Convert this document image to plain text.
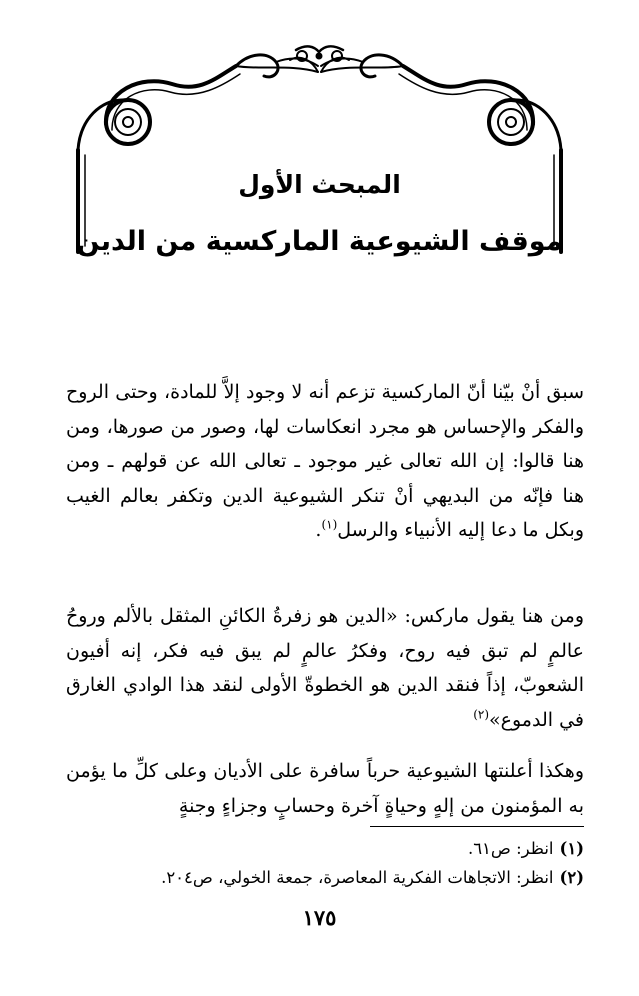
المبحث الأول
موقف الشيوعية الماركسية من الدين

سبق أنْ بيّنا أنّ الماركسية تزعم أنه لا وجود إلاَّ للمادة، وحتى الروح والفكر والإحساس هو مجرد انعكاسات لها، وصور من صورها، ومن هنا قالوا: إن الله تعالى غير موجود ـ تعالى الله عن قولهم ـ ومن هنا فإنّه من البديهي أنْ تنكر الشيوعية الدين وتكفر بعالم الغيب وبكل ما دعا إليه الأنبياء والرسل$^{(١)}$.

ومن هنا يقول ماركس: «الدين هو زفرةُ الكائنِ المثقل بالألم وروحُ عالمٍ لم تبق فيه روح، وفكرُ عالمٍ لم يبق فيه فكر، إنه أفيون الشعوبّ، إذاً فنقد الدين هو الخطوةّ الأولى لنقد هذا الوادي الغارق في الدموع»$^{(٢)}$

وهكذا أعلنتها الشيوعية حرباً سافرة على الأديان وعلى كلِّ ما يؤمن به المؤمنون من إلهٍ وحياةٍ آخرة وحسابٍ وجزاءٍ وجنةٍ

(١)انظر: ص٦١.
(٢)انظر: الاتجاهات الفكرية المعاصرة، جمعة الخولي، ص٢٠٤.
١٧٥
